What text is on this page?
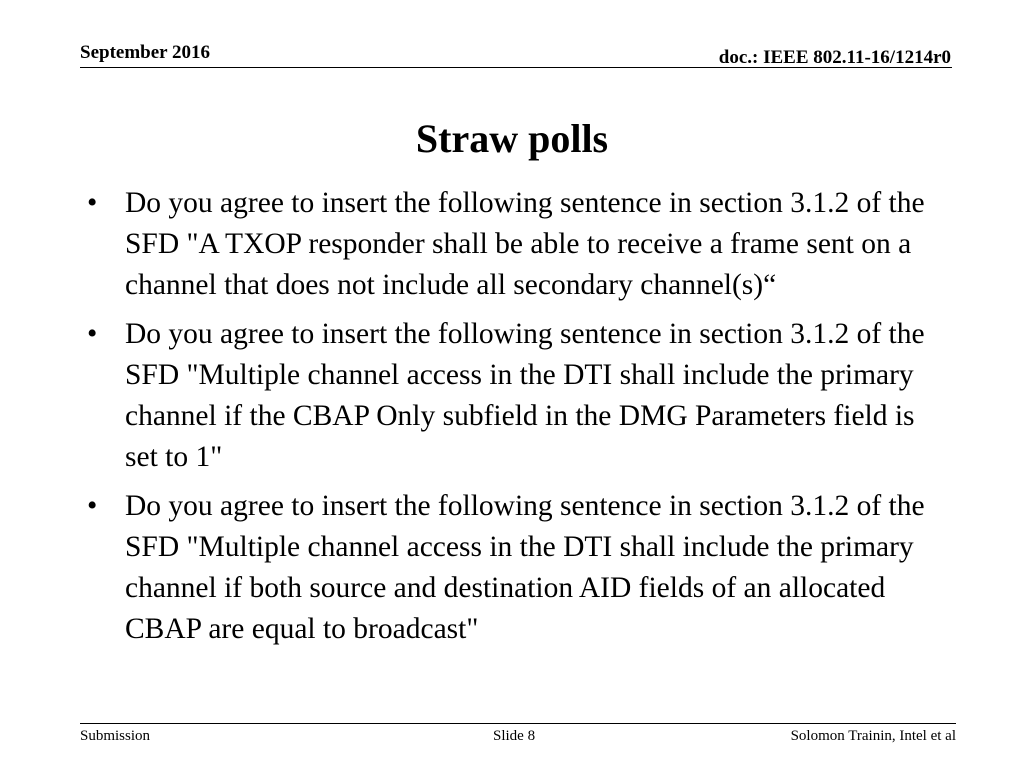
September 2016	doc.: IEEE 802.11-16/1214r0
Straw polls
• Do you agree to insert the following sentence in section 3.1.2 of the SFD "A TXOP responder shall be able to receive a frame sent on a channel that does not include all secondary channel(s)“
• Do you agree to insert the following sentence in section 3.1.2 of the SFD "Multiple channel access in the DTI shall include the primary channel if the CBAP Only subfield in the DMG Parameters field is set to 1"
• Do you agree to insert the following sentence in section 3.1.2 of the SFD "Multiple channel access in the DTI shall include the primary channel if both source and destination AID fields of an allocated CBAP are equal to broadcast"
Submission	Slide 8	Solomon Trainin, Intel et al
